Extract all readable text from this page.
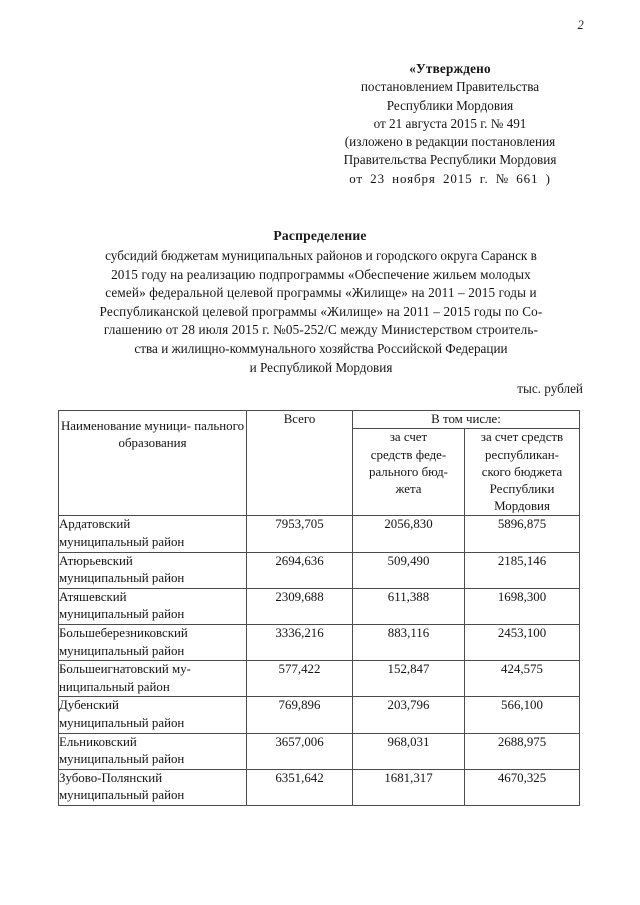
2
«Утверждено
постановлением Правительства
Республики Мордовия
от 21 августа 2015 г. № 491
(изложено в редакции постановления
Правительства Республики Мордовия
от 23 ноября 2015 г. № 661 )
Распределение
субсидий бюджетам муниципальных районов и городского округа Саранск в
2015 году на реализацию подпрограммы «Обеспечение жильем молодых
семей» федеральной целевой программы «Жилище» на 2011 – 2015 годы и
Республиканской целевой программы «Жилище» на 2011 – 2015 годы по Со-
глашению от 28 июля 2015 г. №05-252/С между Министерством строитель-
ства и жилищно-коммунального хозяйства Российской Федерации
и Республикой Мордовия
тыс. рублей
Наименование муници- пального образования	Всего	В том числе:	

		за счет
средств феде-
рального бюд-
жета	за счет средств
республикан-
ского бюджета
Республики
Мордовия

Ардатовский
муниципальный район	7953,705	2056,830	5896,875

Атюрьевский
муниципальный район	2694,636	509,490	2185,146

Атяшевский
муниципальный район	2309,688	611,388	1698,300

Большеберезниковский
муниципальный район	3336,216	883,116	2453,100

Большеигнатовский му-
ниципальный район	577,422	152,847	424,575

Дубенский
муниципальный район	769,896	203,796	566,100

Ельниковский
муниципальный район	3657,006	968,031	2688,975

Зубово-Полянский
муниципальный район	6351,642	1681,317	4670,325
